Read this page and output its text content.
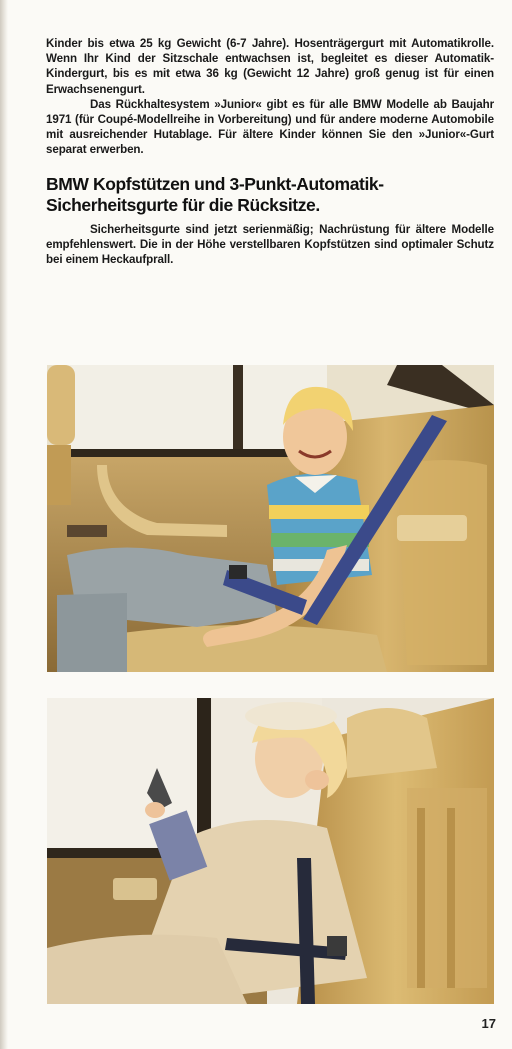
Kinder bis etwa 25 kg Gewicht (6-7 Jahre). Hosenträgergurt mit Automatikrolle. Wenn Ihr Kind der Sitzschale entwachsen ist, begleitet es dieser Automatik-Kindergurt, bis es mit etwa 36 kg (Gewicht 12 Jahre) groß genug ist für einen Erwachsenengurt.

Das Rückhaltesystem »Junior« gibt es für alle BMW Modelle ab Baujahr 1971 (für Coupé-Modellreihe in Vorbereitung) und für andere moderne Automobile mit ausreichender Hutablage. Für ältere Kinder können Sie den »Junior«-Gurt separat erwerben.

BMW Kopfstützen und 3-Punkt-Automatik-Sicherheitsgurte für die Rücksitze.

Sicherheitsgurte sind jetzt serienmäßig; Nachrüstung für ältere Modelle empfehlenswert. Die in der Höhe verstellbaren Kopfstützen sind optimaler Schutz bei einem Heckaufprall.

17
